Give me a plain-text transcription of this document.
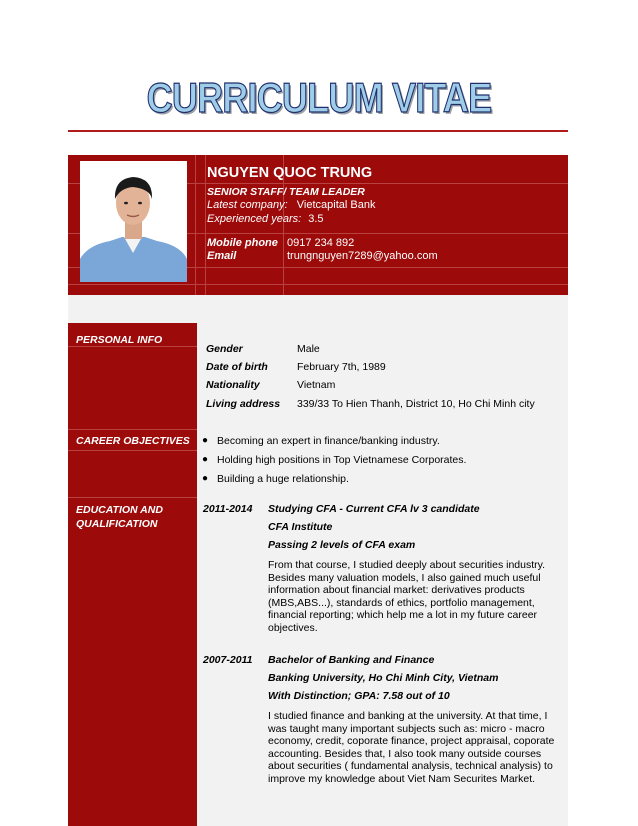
CURRICULUM VITAE
NGUYEN QUOC TRUNG
SENIOR STAFF/ TEAM LEADER
Latest company: Vietcapital Bank
Experienced years: 3.5
Mobile phone 0917 234 892
Email	trungnguyen7289@yahoo.com
PERSONAL INFO
Gender	Male
Date of birth	February 7th, 1989
Nationality	Vietnam
Living address 339/33 To Hien Thanh, District 10, Ho Chi Minh city
CAREER OBJECTIVES ● Becoming an expert in finance/banking industry.
● Holding high positions in Top Vietnamese Corporates.
● Building a huge relationship.
EDUCATION AND
QUALIFICATION
2011-2014 Studying CFA - Current CFA lv 3 candidate
CFA Institute
Passing 2 levels of CFA exam
From that course, I studied deeply about securities industry.
Besides many valuation models, I also gained much useful
information about financial market: derivatives products
(MBS,ABS...), standards of ethics, portfolio management,
financial reporting; which help me a lot in my future career
objectives.
2007-2011 Bachelor of Banking and Finance
Banking University, Ho Chi Minh City, Vietnam
With Distinction; GPA: 7.58 out of 10
I studied finance and banking at the university. At that time, I
was taught many important subjects such as: micro - macro
economy, credit, coporate finance, project appraisal, coporate
accounting. Besides that, I also took many outside courses
about securities ( fundamental analysis, technical analysis) to
improve my knowledge about Viet Nam Securites Market.
